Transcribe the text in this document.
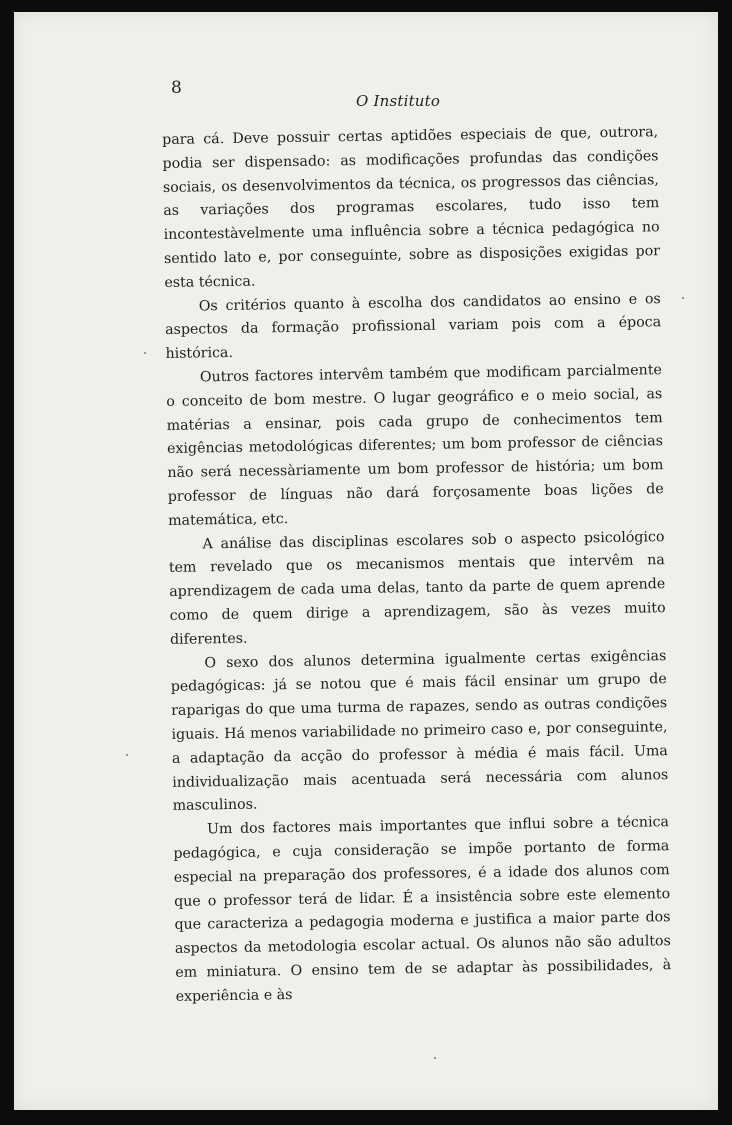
8
O Instituto

para cá. Deve possuir certas aptidões especiais de que, outrora, podia ser dispensado: as modificações profundas das condições sociais, os desenvolvimentos da técnica, os progressos das ciências, as variações dos programas escolares, tudo isso tem incontestàvelmente uma influência sobre a técnica pedagógica no sentido lato e, por conseguinte, sobre as disposições exigidas por esta técnica.

Os critérios quanto à escolha dos candidatos ao ensino e os aspectos da formação profissional variam pois com a época histórica.

Outros factores intervêm também que modificam parcialmente o conceito de bom mestre. O lugar geográfico e o meio social, as matérias a ensinar, pois cada grupo de conhecimentos tem exigências metodológicas diferentes; um bom professor de ciências não será necessàriamente um bom professor de história; um bom professor de línguas não dará forçosamente boas lições de matemática, etc.

A análise das disciplinas escolares sob o aspecto psicológico tem revelado que os mecanismos mentais que intervêm na aprendizagem de cada uma delas, tanto da parte de quem aprende como de quem dirige a aprendizagem, são às vezes muito diferentes.

O sexo dos alunos determina igualmente certas exigências pedagógicas: já se notou que é mais fácil ensinar um grupo de raparigas do que uma turma de rapazes, sendo as outras condições iguais. Há menos variabilidade no primeiro caso e, por conseguinte, a adaptação da acção do professor à média é mais fácil. Uma individualização mais acentuada será necessária com alunos masculinos.

Um dos factores mais importantes que influi sobre a técnica pedagógica, e cuja consideração se impõe portanto de forma especial na preparação dos professores, é a idade dos alunos com que o professor terá de lidar. É a insistência sobre este elemento que caracteriza a pedagogia moderna e justifica a maior parte dos aspectos da metodologia escolar actual. Os alunos não são adultos em miniatura. O ensino tem de se adaptar às possibilidades, à experiência e às
